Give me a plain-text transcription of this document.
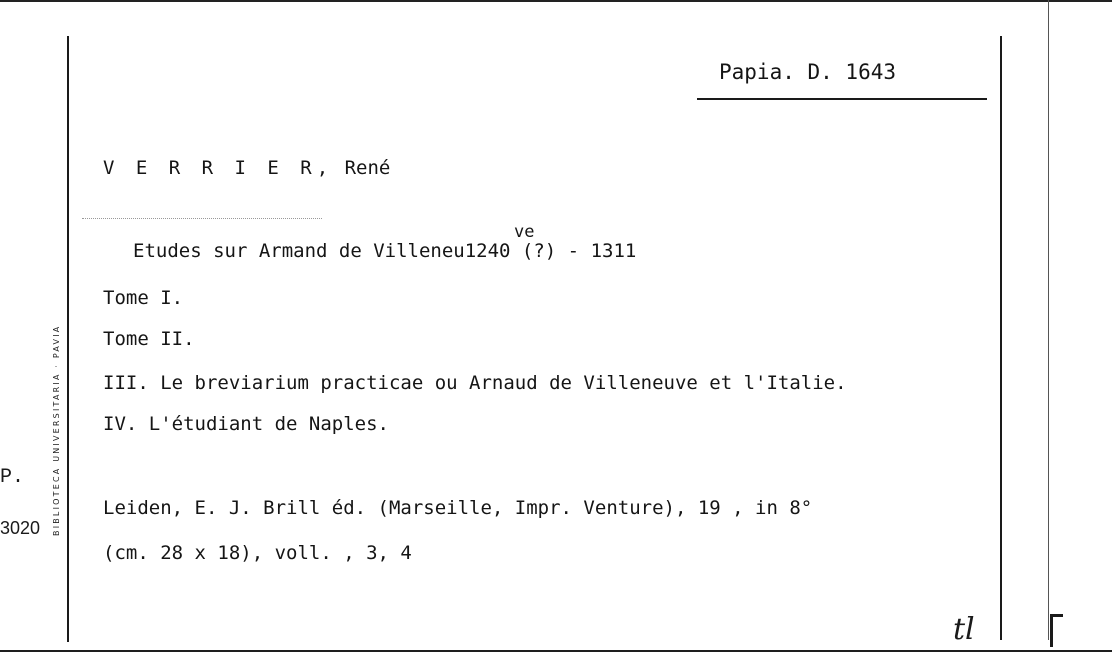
P.
3020 BIBLIOTECA UNIVERSITARIA · PAVIA
Papia. D. 1643
V E R R I E R, René
ve
Etudes sur Armand de Villeneu1240 (?) - 1311
Tome I.
Tome II.
III. Le breviarium practicae ou Arnaud de Villeneuve et l'Italie.
IV. L'étudiant de Naples.
Leiden, E. J. Brill éd. (Marseille, Impr. Venture), 19 , in 8°
(cm. 28 x 18), voll. , 3, 4
tl
